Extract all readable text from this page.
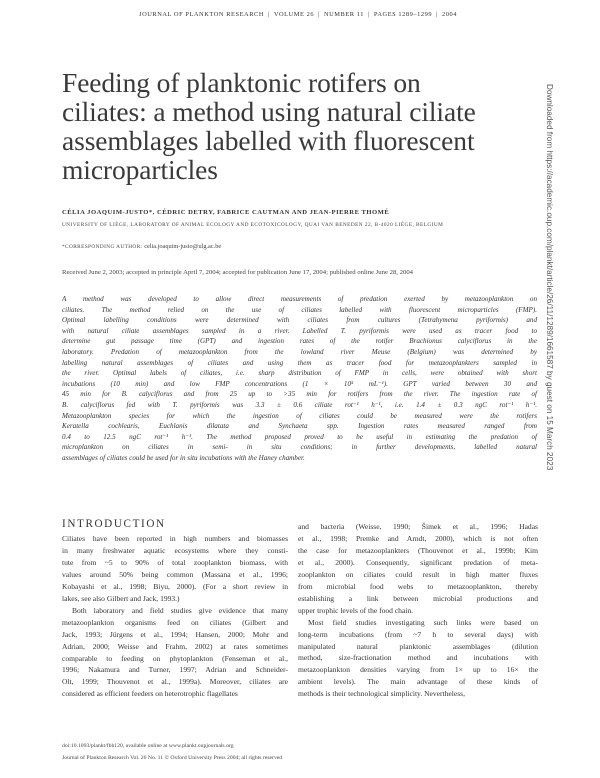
JOURNAL OF PLANKTON RESEARCH | VOLUME 26 | NUMBER 11 | PAGES 1289–1299 | 2004
Feeding of planktonic rotifers on ciliates: a method using natural ciliate assemblages labelled with fluorescent microparticles
CÉLIA JOAQUIM-JUSTO*, CÉDRIC DETRY, FABRICE CAUTMAN AND JEAN-PIERRE THOMÉ
UNIVERSITY OF LIÈGE, LABORATORY OF ANIMAL ECOLOGY AND ECOTOXICOLOGY, QUAI VAN BENEDEN 22, B-4020 LIÈGE, BELGIUM
*CORRESPONDING AUTHOR: celia.joaquim-justo@ulg.ac.be
Received June 2, 2003; accepted in principle April 7, 2004; accepted for publication June 17, 2004; published online June 28, 2004
A method was developed to allow direct measurements of predation exerted by metazooplankton on
ciliates. The method relied on the use of ciliates labelled with fluorescent microparticles (FMP).
Optimal labelling conditions were determined with ciliates from cultures (Tetrahymena pyriformis) and
with natural ciliate assemblages sampled in a river. Labelled T. pyriformis were used as tracer food to
determine gut passage time (GPT) and ingestion rates of the rotifer Brachionus calyciflorus in the
laboratory. Predation of metazooplankton from the lowland river Meuse (Belgium) was determined by
labelling natural assemblages of ciliates and using them as tracer food for metazooplankters sampled in
the river. Optimal labels of ciliates, i.e. sharp distribution of FMP in cells, were obtained with short
incubations (10 min) and low FMP concentrations (1 × 10⁵ mL⁻¹). GPT varied between 30 and
45 min for B. calyciflorus and from 25 up to >35 min for rotifers from the river. The ingestion rate of
B. calyciflorus fed with T. pyriformis was 3.3 ± 0.6 ciliate rot⁻¹ h⁻¹, i.e. 1.4 ± 0.3 ngC rot⁻¹ h⁻¹.
Metazooplankton species for which the ingestion of ciliates could be measured were the rotifers
Keratella cochlearis, Euchlanis dilatata and Synchaeta spp. Ingestion rates measured ranged from
0.4 to 12.5 ngC rot⁻¹ h⁻¹. The method proposed proved to be useful in estimating the predation of
microplankton on ciliates in semi- in situ conditions; in further developments, labelled natural
assemblages of ciliates could be used for in situ incubations with the Haney chamber.
INTRODUCTION
Ciliates have been reported in high numbers and biomasses
in many freshwater aquatic ecosystems where they consti-
tute from ~5 to 90% of total zooplankton biomass, with
values around 50% being common (Massana et al., 1996;
Kobayashi et al., 1998; Biyu, 2000). (For a short review in
lakes, see also Gilbert and Jack, 1993.)
Both laboratory and field studies give evidence that many
metazooplankton organisms feed on ciliates (Gilbert and
Jack, 1993; Jürgens et al., 1994; Hansen, 2000; Mohr and
Adrian, 2000; Weisse and Frahm, 2002) at rates sometimes
comparable to feeding on phytoplankton (Fenseman et al.,
1996; Nakamura and Turner, 1997; Adrian and Schneider-
Olt, 1999; Thouvenot et al., 1999a). Moreover, ciliates are
considered as efficient feeders on heterotrophic flagellates
and bacteria (Weisse, 1990; Šimek et al., 1996; Hadas
et al., 1998; Premke and Arndt, 2000), which is not often
the case for metazooplankters (Thouvenot et al., 1999b; Kim
et al., 2000). Consequently, significant predation of meta-
zooplankton on ciliates could result in high matter fluxes
from microbial food webs to metazooplankton, thereby
establishing a link between microbial productions and
upper trophic levels of the food chain.
Most field studies investigating such links were based on
long-term incubations (from ~7 h to several days) with
manipulated natural planktonic assemblages (dilution
method, size-fractionation method and incubations with
metazooplankton densities varying from 1× up to 16× the
ambient levels). The main advantage of these kinds of
methods is their technological simplicity. Nevertheless,
doi:10.1093/plankt/fbh120, available online at www.plankt.oupjournals.org
Journal of Plankton Research Vol. 26 No. 11 © Oxford University Press 2004; all rights reserved
Downloaded from https://academic.oup.com/plankt/article/26/11/1289/1661587 by guest on 15 March 2023
